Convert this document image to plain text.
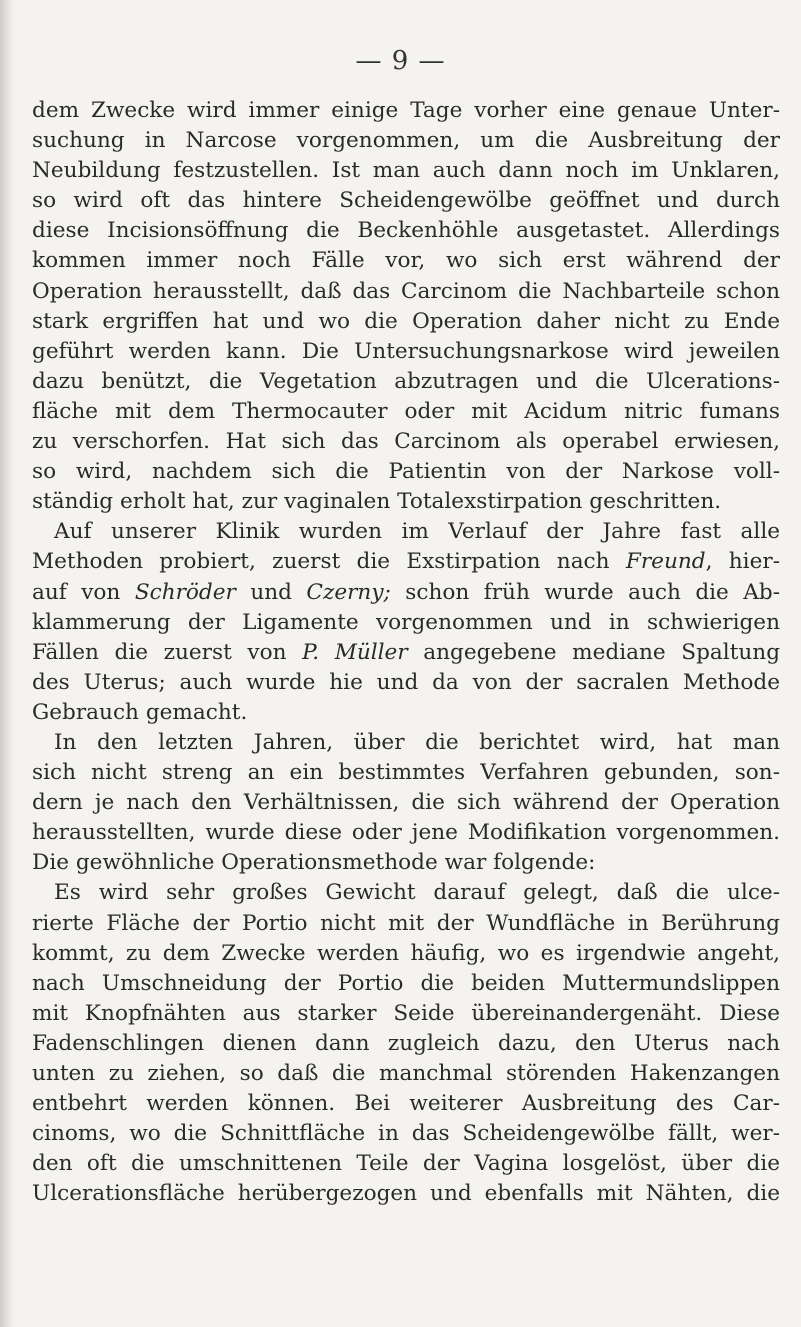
— 9 —
dem Zwecke wird immer einige Tage vorher eine genaue Unter-
suchung in Narcose vorgenommen, um die Ausbreitung der
Neubildung festzustellen. Ist man auch dann noch im Unklaren,
so wird oft das hintere Scheidengewölbe geöffnet und durch
diese Incisionsöffnung die Beckenhöhle ausgetastet. Allerdings
kommen immer noch Fälle vor, wo sich erst während der
Operation herausstellt, daß das Carcinom die Nachbarteile schon
stark ergriffen hat und wo die Operation daher nicht zu Ende
geführt werden kann. Die Untersuchungsnarkose wird jeweilen
dazu benützt, die Vegetation abzutragen und die Ulcerations-
fläche mit dem Thermocauter oder mit Acidum nitric fumans
zu verschorfen. Hat sich das Carcinom als operabel erwiesen,
so wird, nachdem sich die Patientin von der Narkose voll-
ständig erholt hat, zur vaginalen Totalexstirpation geschritten.
Auf unserer Klinik wurden im Verlauf der Jahre fast alle
Methoden probiert, zuerst die Exstirpation nach Freund, hier-
auf von Schröder und Czerny; schon früh wurde auch die Ab-
klammerung der Ligamente vorgenommen und in schwierigen
Fällen die zuerst von P. Müller angegebene mediane Spaltung
des Uterus; auch wurde hie und da von der sacralen Methode
Gebrauch gemacht.
In den letzten Jahren, über die berichtet wird, hat man
sich nicht streng an ein bestimmtes Verfahren gebunden, son-
dern je nach den Verhältnissen, die sich während der Operation
herausstellten, wurde diese oder jene Modifikation vorgenommen.
Die gewöhnliche Operationsmethode war folgende:
Es wird sehr großes Gewicht darauf gelegt, daß die ulce-
rierte Fläche der Portio nicht mit der Wundfläche in Berührung
kommt, zu dem Zwecke werden häufig, wo es irgendwie angeht,
nach Umschneidung der Portio die beiden Muttermundslippen
mit Knopfnähten aus starker Seide übereinandergenäht. Diese
Fadenschlingen dienen dann zugleich dazu, den Uterus nach
unten zu ziehen, so daß die manchmal störenden Hakenzangen
entbehrt werden können. Bei weiterer Ausbreitung des Car-
cinoms, wo die Schnittfläche in das Scheidengewölbe fällt, wer-
den oft die umschnittenen Teile der Vagina losgelöst, über die
Ulcerationsfläche herübergezogen und ebenfalls mit Nähten, die
